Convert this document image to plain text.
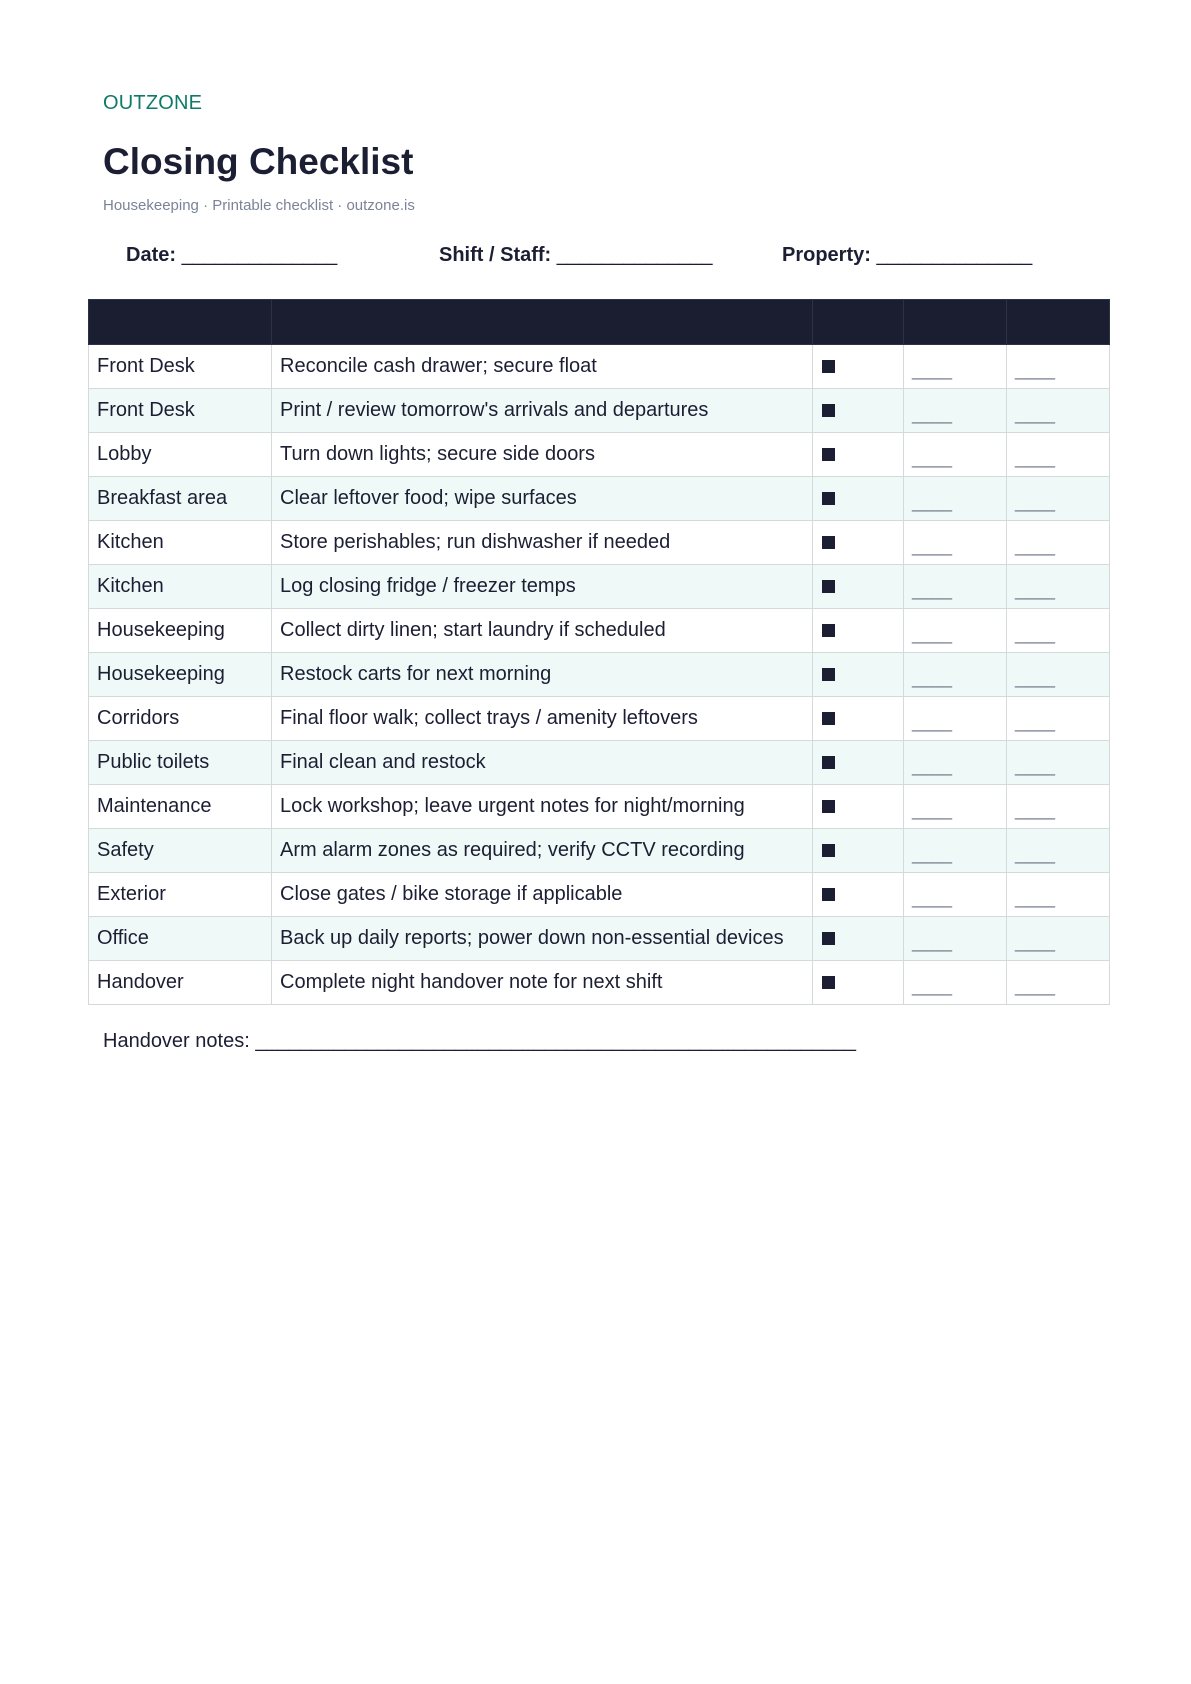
OUTZONE
Closing Checklist
Housekeeping · Printable checklist · outzone.is
Date: ______________	Shift / Staff: ______________	Property: ______________

Front Desk	Reconcile cash drawer; secure float		____	____
Front Desk	Print / review tomorrow's arrivals and departures		____	____
Lobby	Turn down lights; secure side doors		____	____
Breakfast area	Clear leftover food; wipe surfaces		____	____
Kitchen	Store perishables; run dishwasher if needed		____	____
Kitchen	Log closing fridge / freezer temps		____	____
Housekeeping	Collect dirty linen; start laundry if scheduled		____	____
Housekeeping	Restock carts for next morning		____	____
Corridors	Final floor walk; collect trays / amenity leftovers		____	____
Public toilets	Final clean and restock		____	____
Maintenance	Lock workshop; leave urgent notes for night/morning		____	____
Safety	Arm alarm zones as required; verify CCTV recording		____	____
Exterior	Close gates / bike storage if applicable		____	____
Office	Back up daily reports; power down non-essential devices		____	____
Handover	Complete night handover note for next shift		____	____
Handover notes: ______________________________________________________
